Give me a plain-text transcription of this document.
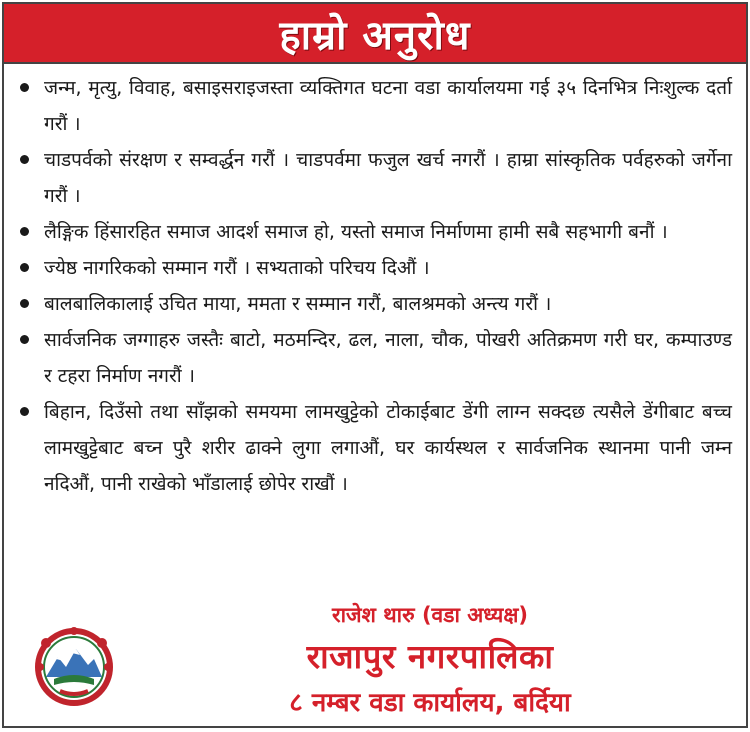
हाम्रो अनुरोध
जन्म, मृत्यु, विवाह, बसाइसराइजस्ता व्यक्तिगत घटना वडा कार्यालयमा गई ३५ दिनभित्र निःशुल्क दर्ता गरौं ।
चाडपर्वको संरक्षण र सम्वर्द्धन गरौं । चाडपर्वमा फजुल खर्च नगरौं । हाम्रा सांस्कृतिक पर्वहरुको जर्गेना गरौं ।
लैङ्गिक हिंसारहित समाज आदर्श समाज हो, यस्तो समाज निर्माणमा हामी सबै सहभागी बनौं ।
ज्येष्ठ नागरिकको सम्मान गरौं । सभ्यताको परिचय दिऔं ।
बालबालिकालाई उचित माया, ममता र सम्मान गरौं, बालश्रमको अन्त्य गरौं ।
सार्वजनिक जग्गाहरु जस्तैः बाटो, मठमन्दिर, ढल, नाला, चौक, पोखरी अतिक्रमण गरी घर, कम्पाउण्ड र टहरा निर्माण नगरौं ।
बिहान, दिउँसो तथा साँझको समयमा लामखुट्टेको टोकाईबाट डेंगी लाग्न सक्दछ त्यसैले डेंगीबाट बच्च लामखुट्टेबाट बच्न पुरै शरीर ढाक्ने लुगा लगाऔं, घर कार्यस्थल र सार्वजनिक स्थानमा पानी जम्न नदिऔं, पानी राखेको भाँडालाई छोपेर राखौं ।
राजेश थारु (वडा अध्यक्ष)
राजापुर नगरपालिका
८ नम्बर वडा कार्यालय, बर्दिया
